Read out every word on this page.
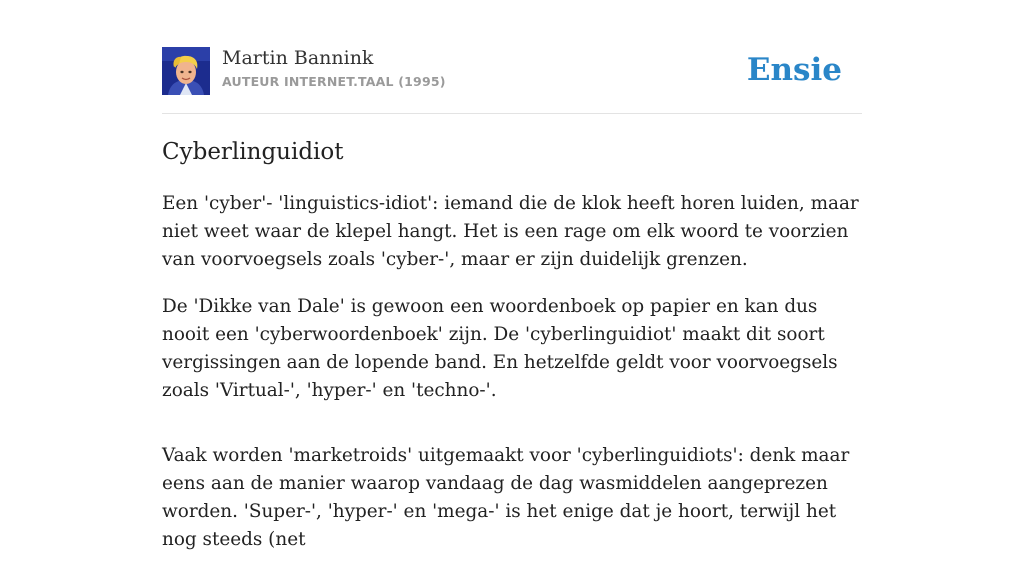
Martin Bannink
AUTEUR INTERNET.TAAL (1995)	Ensie
Cyberlinguidiot

Een 'cyber'- 'linguistics-idiot': iemand die de klok heeft horen luiden, maar niet weet waar de klepel hangt. Het is een rage om elk woord te voorzien van voorvoegsels zoals 'cyber-', maar er zijn duidelijk grenzen.

De 'Dikke van Dale' is gewoon een woordenboek op papier en kan dus nooit een 'cyberwoordenboek' zijn. De 'cyberlinguidiot' maakt dit soort vergissingen aan de lopende band. En hetzelfde geldt voor voorvoegsels zoals 'Virtual-', 'hyper-' en 'techno-'.

Vaak worden 'marketroids' uitgemaakt voor 'cyberlinguidiots': denk maar eens aan de manier waarop vandaag de dag wasmiddelen aangeprezen worden. 'Super-', 'hyper-' en 'mega-' is het enige dat je hoort, terwijl het nog steeds (net
